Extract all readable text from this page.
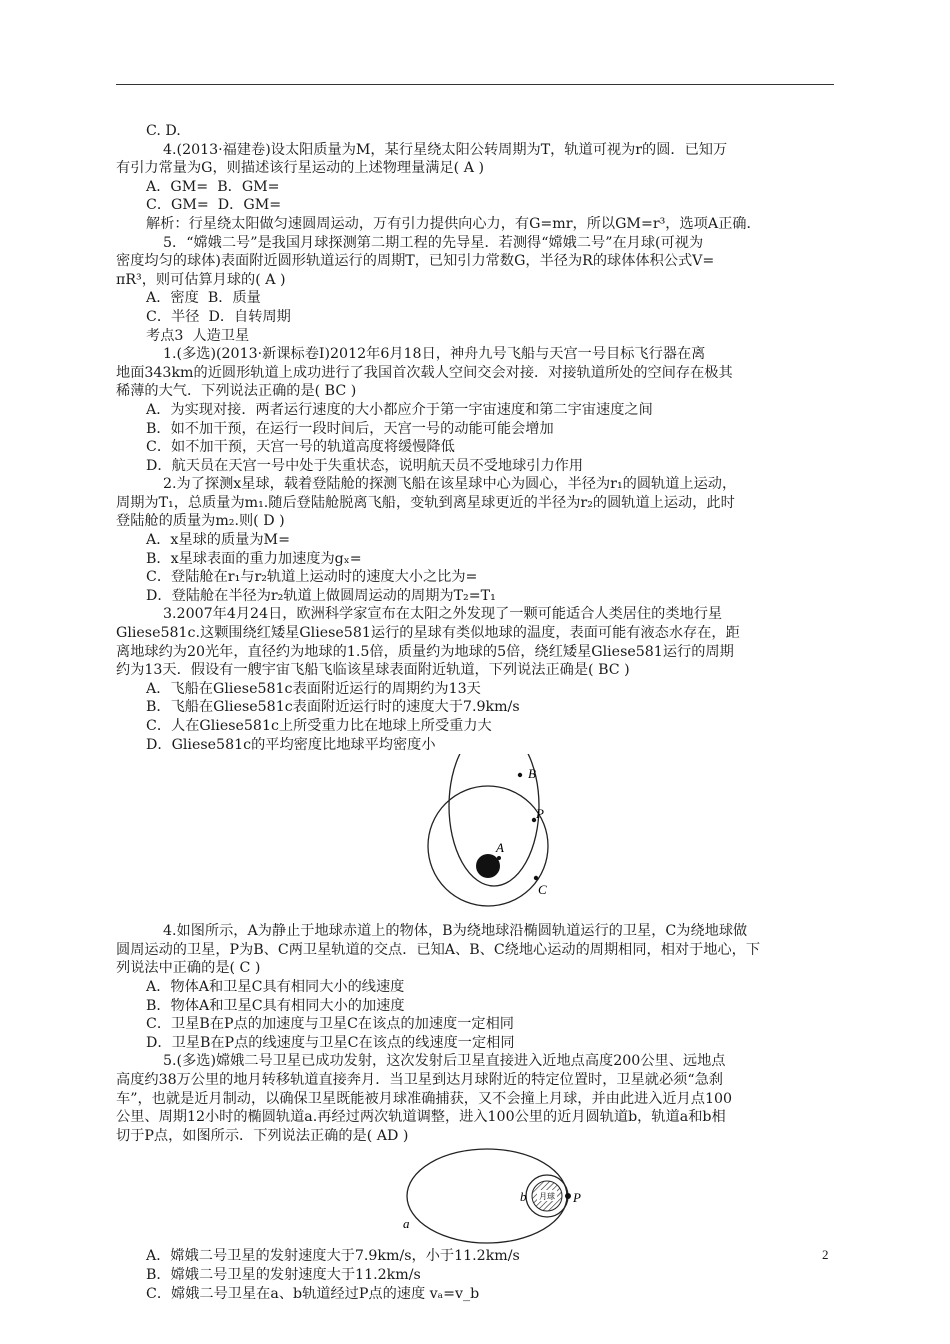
C. D.
4.(2013·福建卷)设太阳质量为M，某行星绕太阳公转周期为T，轨道可视为r的圆．已知万
有引力常量为G，则描述该行星运动的上述物理量满足( A )
A．GM=  B．GM=
C．GM=  D．GM=
解析：行星绕太阳做匀速圆周运动，万有引力提供向心力，有G=mr，所以GM=r³，选项A正确．
5．“嫦娥二号”是我国月球探测第二期工程的先导星．若测得“嫦娥二号”在月球(可视为
密度均匀的球体)表面附近圆形轨道运行的周期T，已知引力常数G，半径为R的球体体积公式V=
πR³，则可估算月球的( A )
A．密度  B．质量
C．半径  D．自转周期
考点3  人造卫星
1.(多选)(2013·新课标卷Ⅰ)2012年6月18日，神舟九号飞船与天宫一号目标飞行器在离
地面343km的近圆形轨道上成功进行了我国首次载人空间交会对接．对接轨道所处的空间存在极其
稀薄的大气．下列说法正确的是( BC )
A．为实现对接．两者运行速度的大小都应介于第一宇宙速度和第二宇宙速度之间
B．如不加干预，在运行一段时间后，天宫一号的动能可能会增加
C．如不加干预，天宫一号的轨道高度将缓慢降低
D．航天员在天宫一号中处于失重状态，说明航天员不受地球引力作用
2.为了探测x星球，载着登陆舱的探测飞船在该星球中心为圆心，半径为r₁的圆轨道上运动，
周期为T₁，总质量为m₁.随后登陆舱脱离飞船，变轨到离星球更近的半径为r₂的圆轨道上运动，此时
登陆舱的质量为m₂.则( D )
A．x星球的质量为M=
B．x星球表面的重力加速度为gₓ=
C．登陆舱在r₁与r₂轨道上运动时的速度大小之比为=
D．登陆舱在半径为r₂轨道上做圆周运动的周期为T₂=T₁
3.2007年4月24日，欧洲科学家宣布在太阳之外发现了一颗可能适合人类居住的类地行星
Gliese581c.这颗围绕红矮星Gliese581运行的星球有类似地球的温度，表面可能有液态水存在，距
离地球约为20光年，直径约为地球的1.5倍，质量约为地球的5倍，绕红矮星Gliese581运行的周期
约为13天．假设有一艘宇宙飞船飞临该星球表面附近轨道，下列说法正确是( BC )
A．飞船在Gliese581c表面附近运行的周期约为13天
B．飞船在Gliese581c表面附近运行时的速度大于7.9km/s
C．人在Gliese581c上所受重力比在地球上所受重力大
D．Gliese581c的平均密度比地球平均密度小
B
P
A
C
4.如图所示，A为静止于地球赤道上的物体，B为绕地球沿椭圆轨道运行的卫星，C为绕地球做
圆周运动的卫星，P为B、C两卫星轨道的交点．已知A、B、C绕地心运动的周期相同，相对于地心，下
列说法中正确的是( C )
A．物体A和卫星C具有相同大小的线速度
B．物体A和卫星C具有相同大小的加速度
C．卫星B在P点的加速度与卫星C在该点的加速度一定相同
D．卫星B在P点的线速度与卫星C在该点的线速度一定相同
5.(多选)嫦娥二号卫星已成功发射，这次发射后卫星直接进入近地点高度200公里、远地点
高度约38万公里的地月转移轨道直接奔月．当卫星到达月球附近的特定位置时，卫星就必须“急刹
车”，也就是近月制动，以确保卫星既能被月球准确捕获，又不会撞上月球，并由此进入近月点100
公里、周期12小时的椭圆轨道a.再经过两次轨道调整，进入100公里的近月圆轨道b，轨道a和b相
切于P点，如图所示．下列说法正确的是( AD )
月球
b	P
a
A．嫦娥二号卫星的发射速度大于7.9km/s，小于11.2km/s
B．嫦娥二号卫星的发射速度大于11.2km/s
C．嫦娥二号卫星在a、b轨道经过P点的速度 vₐ=v_b
2
